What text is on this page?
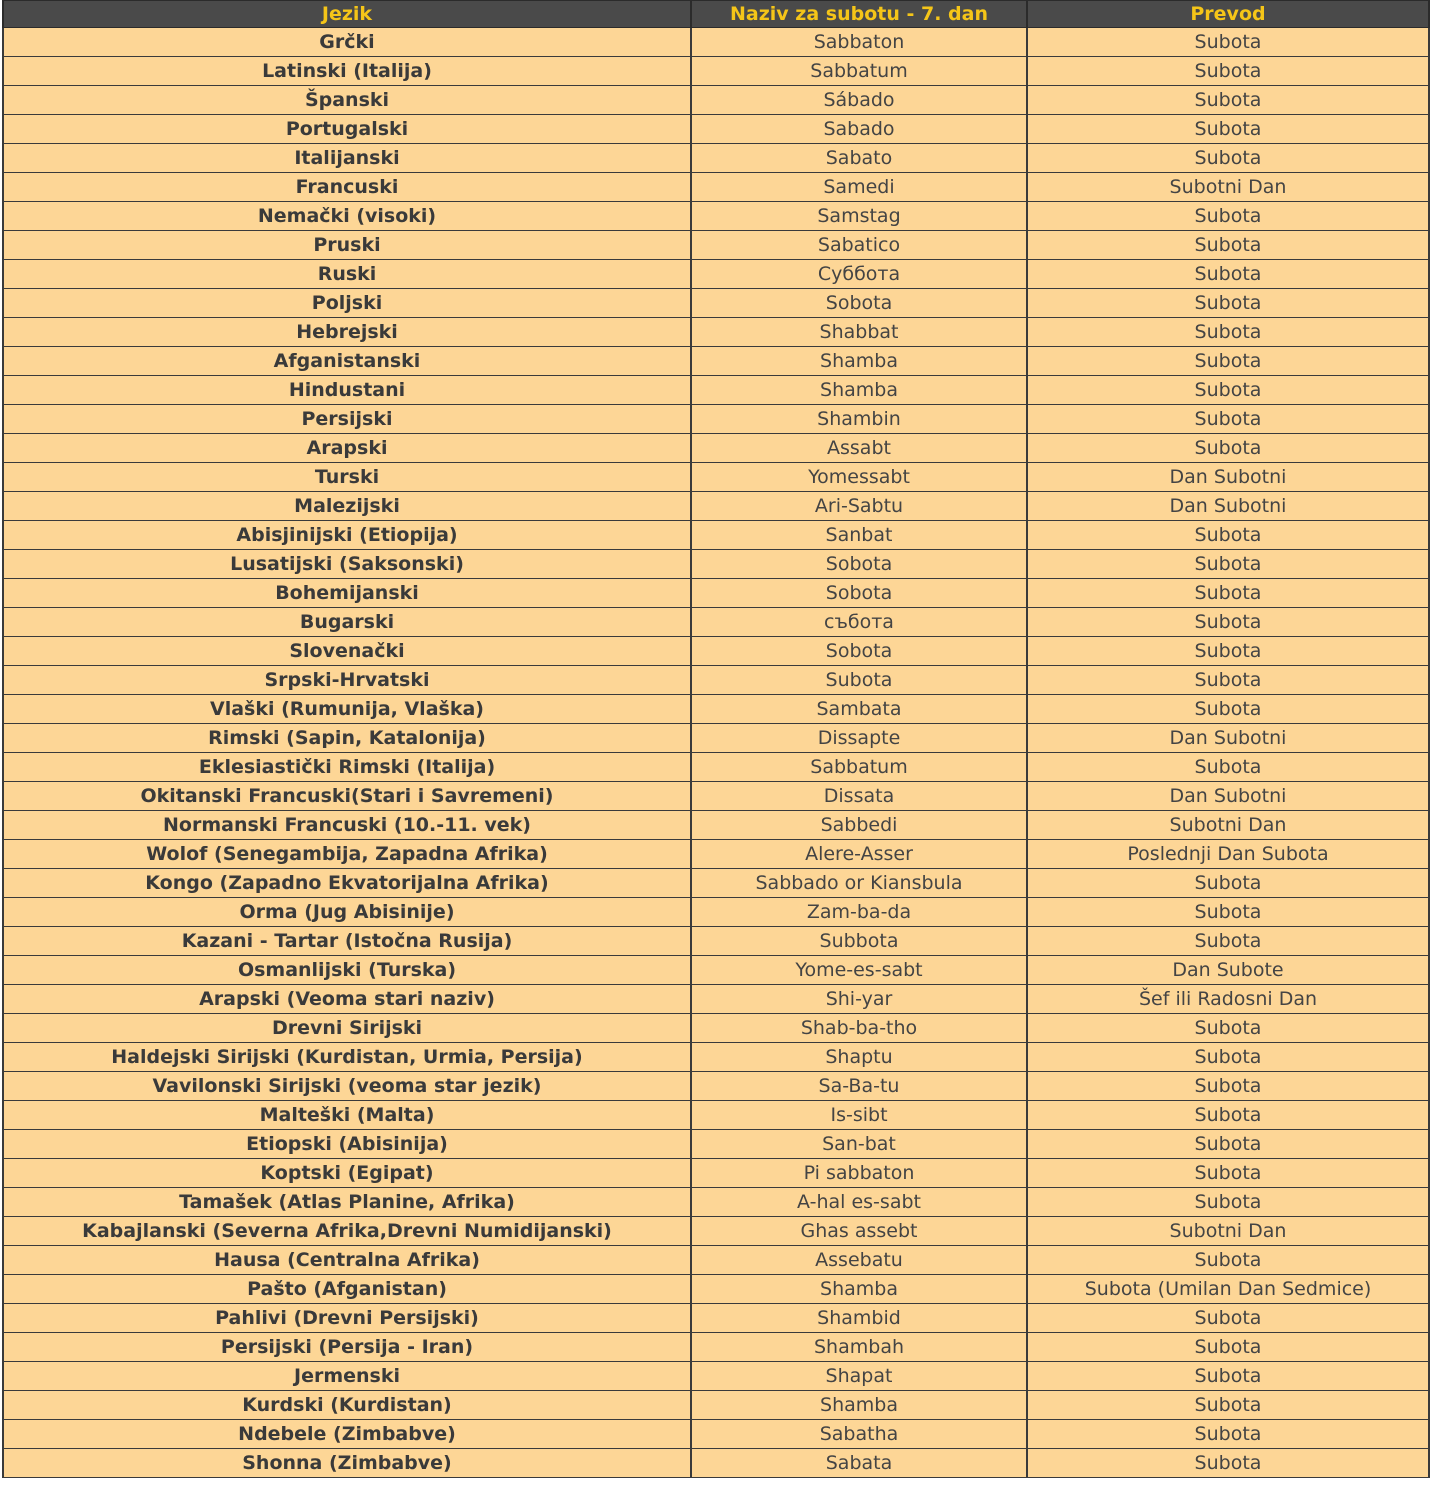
Jezik	Naziv za subotu - 7. dan	Prevod
Grčki	Sabbaton	Subota
Latinski (Italija)	Sabbatum	Subota
Španski	Sábado	Subota
Portugalski	Sabado	Subota
Italijanski	Sabato	Subota
Francuski	Samedi	Subotni Dan
Nemački (visoki)	Samstag	Subota
Pruski	Sabatico	Subota
Ruski	Суббота	Subota
Poljski	Sobota	Subota
Hebrejski	Shabbat	Subota
Afganistanski	Shamba	Subota
Hindustani	Shamba	Subota
Persijski	Shambin	Subota
Arapski	Assabt	Subota
Turski	Yomessabt	Dan Subotni
Malezijski	Ari-Sabtu	Dan Subotni
Abisjinijski (Etiopija)	Sanbat	Subota
Lusatijski (Saksonski)	Sobota	Subota
Bohemijanski	Sobota	Subota
Bugarski	събота	Subota
Slovenački	Sobota	Subota
Srpski-Hrvatski	Subota	Subota
Vlaški (Rumunija, Vlaška)	Sambata	Subota
Rimski (Sapin, Katalonija)	Dissapte	Dan Subotni
Eklesiastički Rimski (Italija)	Sabbatum	Subota
Okitanski Francuski(Stari i Savremeni)	Dissata	Dan Subotni
Normanski Francuski (10.-11. vek)	Sabbedi	Subotni Dan
Wolof (Senegambija, Zapadna Afrika)	Alere-Asser	Poslednji Dan Subota
Kongo (Zapadno Ekvatorijalna Afrika)	Sabbado or Kiansbula	Subota
Orma (Jug Abisinije)	Zam-ba-da	Subota
Kazani - Tartar (Istočna Rusija)	Subbota	Subota
Osmanlijski (Turska)	Yome-es-sabt	Dan Subote
Arapski (Veoma stari naziv)	Shi-yar	Šef ili Radosni Dan
Drevni Sirijski	Shab-ba-tho	Subota
Haldejski Sirijski (Kurdistan, Urmia, Persija)	Shaptu	Subota
Vavilonski Sirijski (veoma star jezik)	Sa-Ba-tu	Subota
Malteški (Malta)	Is-sibt	Subota
Etiopski (Abisinija)	San-bat	Subota
Koptski (Egipat)	Pi sabbaton	Subota
Tamašek (Atlas Planine, Afrika)	A-hal es-sabt	Subota
Kabajlanski (Severna Afrika,Drevni Numidijanski)	Ghas assebt	Subotni Dan
Hausa (Centralna Afrika)	Assebatu	Subota
Pašto (Afganistan)	Shamba	Subota (Umilan Dan Sedmice)
Pahlivi (Drevni Persijski)	Shambid	Subota
Persijski (Persija - Iran)	Shambah	Subota
Jermenski	Shapat	Subota
Kurdski (Kurdistan)	Shamba	Subota
Ndebele (Zimbabve)	Sabatha	Subota
Shonna (Zimbabve)	Sabata	Subota
